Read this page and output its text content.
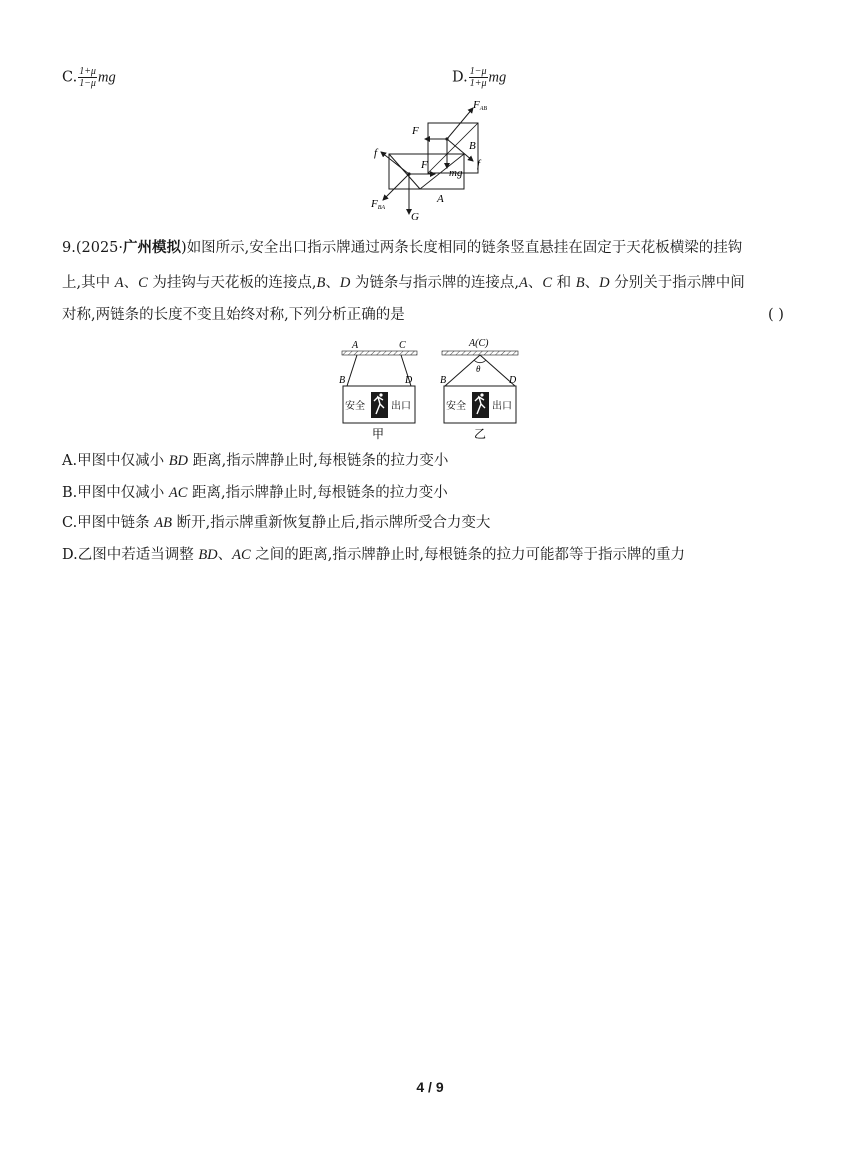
C. $\frac{1+\mu}{1-\mu}$ mg	D. $\frac{1-\mu}{1+\mu}$ mg
FAB
F
B
f
f
F
mg
A
FBA
G
9.(2025·广州模拟)如图所示,安全出口指示牌通过两条长度相同的链条竖直悬挂在固定于天花板横梁的挂钩
上,其中 A、C 为挂钩与天花板的连接点,B、D 为链条与指示牌的连接点,A、C 和 B、D 分别关于指示牌中间
对称,两链条的长度不变且始终对称,下列分析正确的是	( )
安全	出口
A	C
B	D
甲
安全	出口
A(C)
θ
B	D
乙
A.甲图中仅减小 BD 距离,指示牌静止时,每根链条的拉力变小
B.甲图中仅减小 AC 距离,指示牌静止时,每根链条的拉力变小
C.甲图中链条 AB 断开,指示牌重新恢复静止后,指示牌所受合力变大
D.乙图中若适当调整 BD、AC 之间的距离,指示牌静止时,每根链条的拉力可能都等于指示牌的重力
4 / 9
